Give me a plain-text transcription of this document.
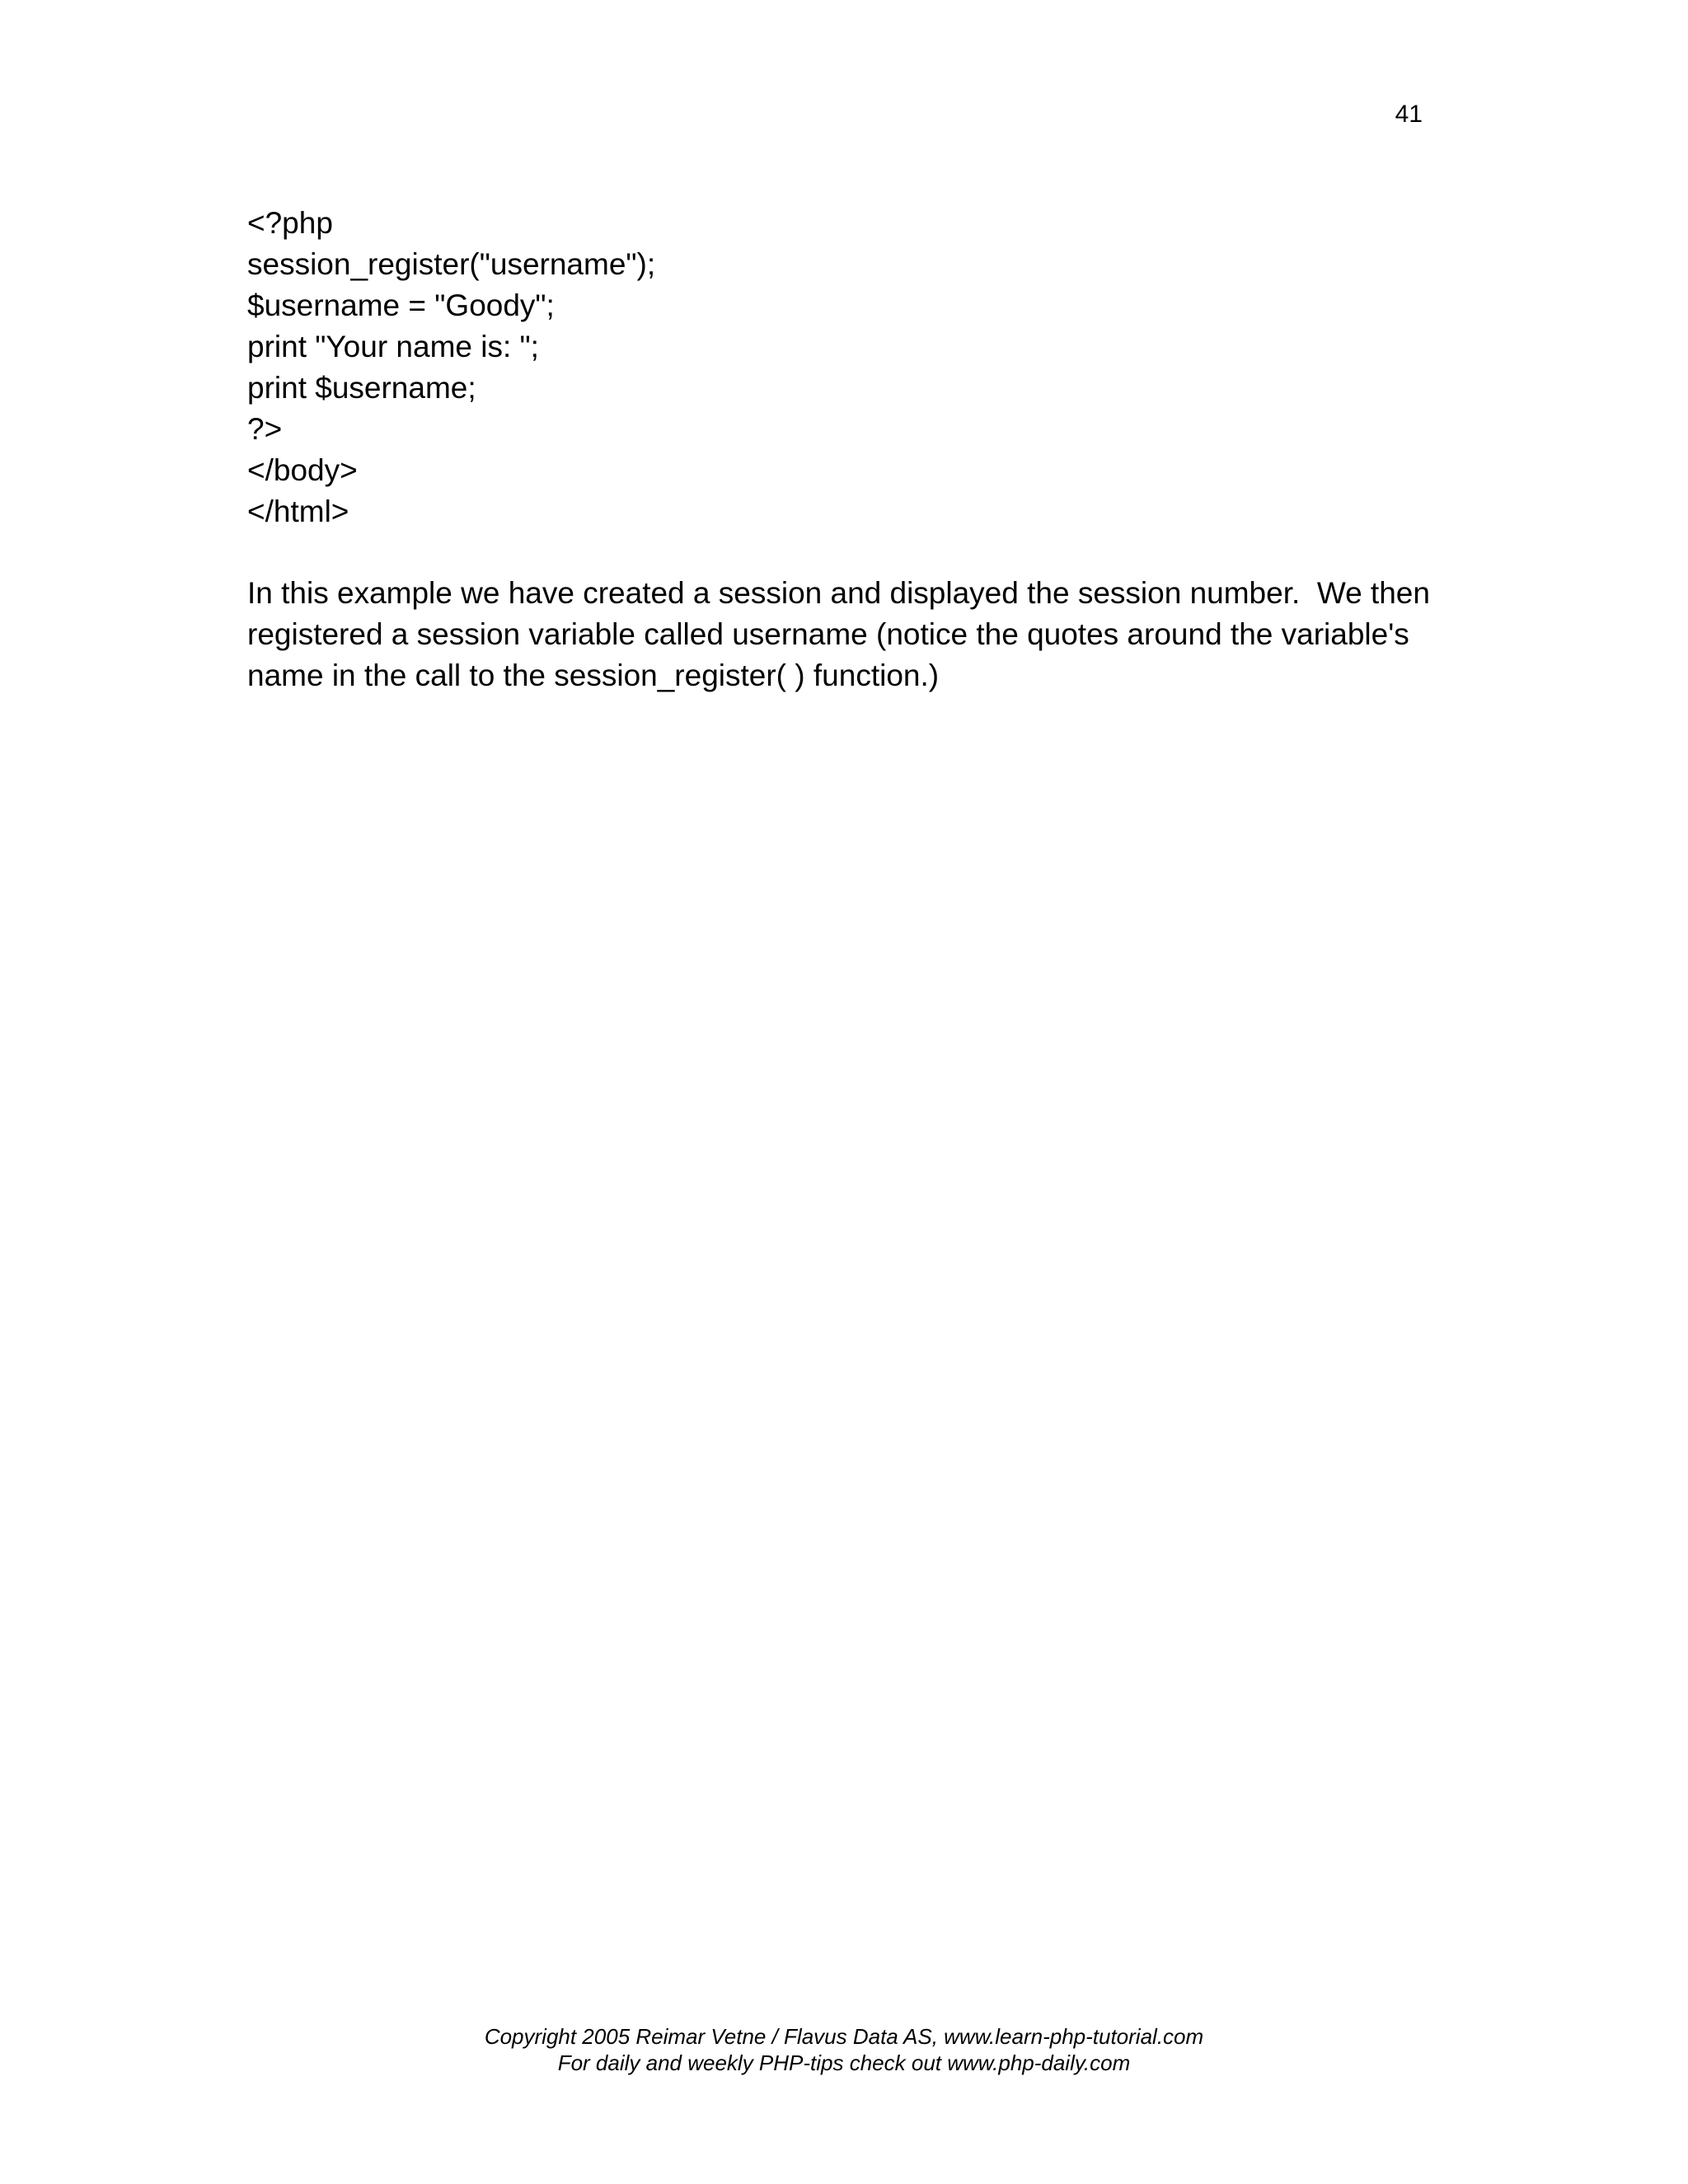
41
<?php
session_register("username");
$username = "Goody";
print "Your name is: ";
print $username;
?>
</body>
</html>
In this example we have created a session and displayed the session number.  We then
registered a session variable called username (notice the quotes around the variable's
name in the call to the session_register( ) function.)
Copyright 2005 Reimar Vetne / Flavus Data AS, www.learn-php-tutorial.com
For daily and weekly PHP-tips check out www.php-daily.com
